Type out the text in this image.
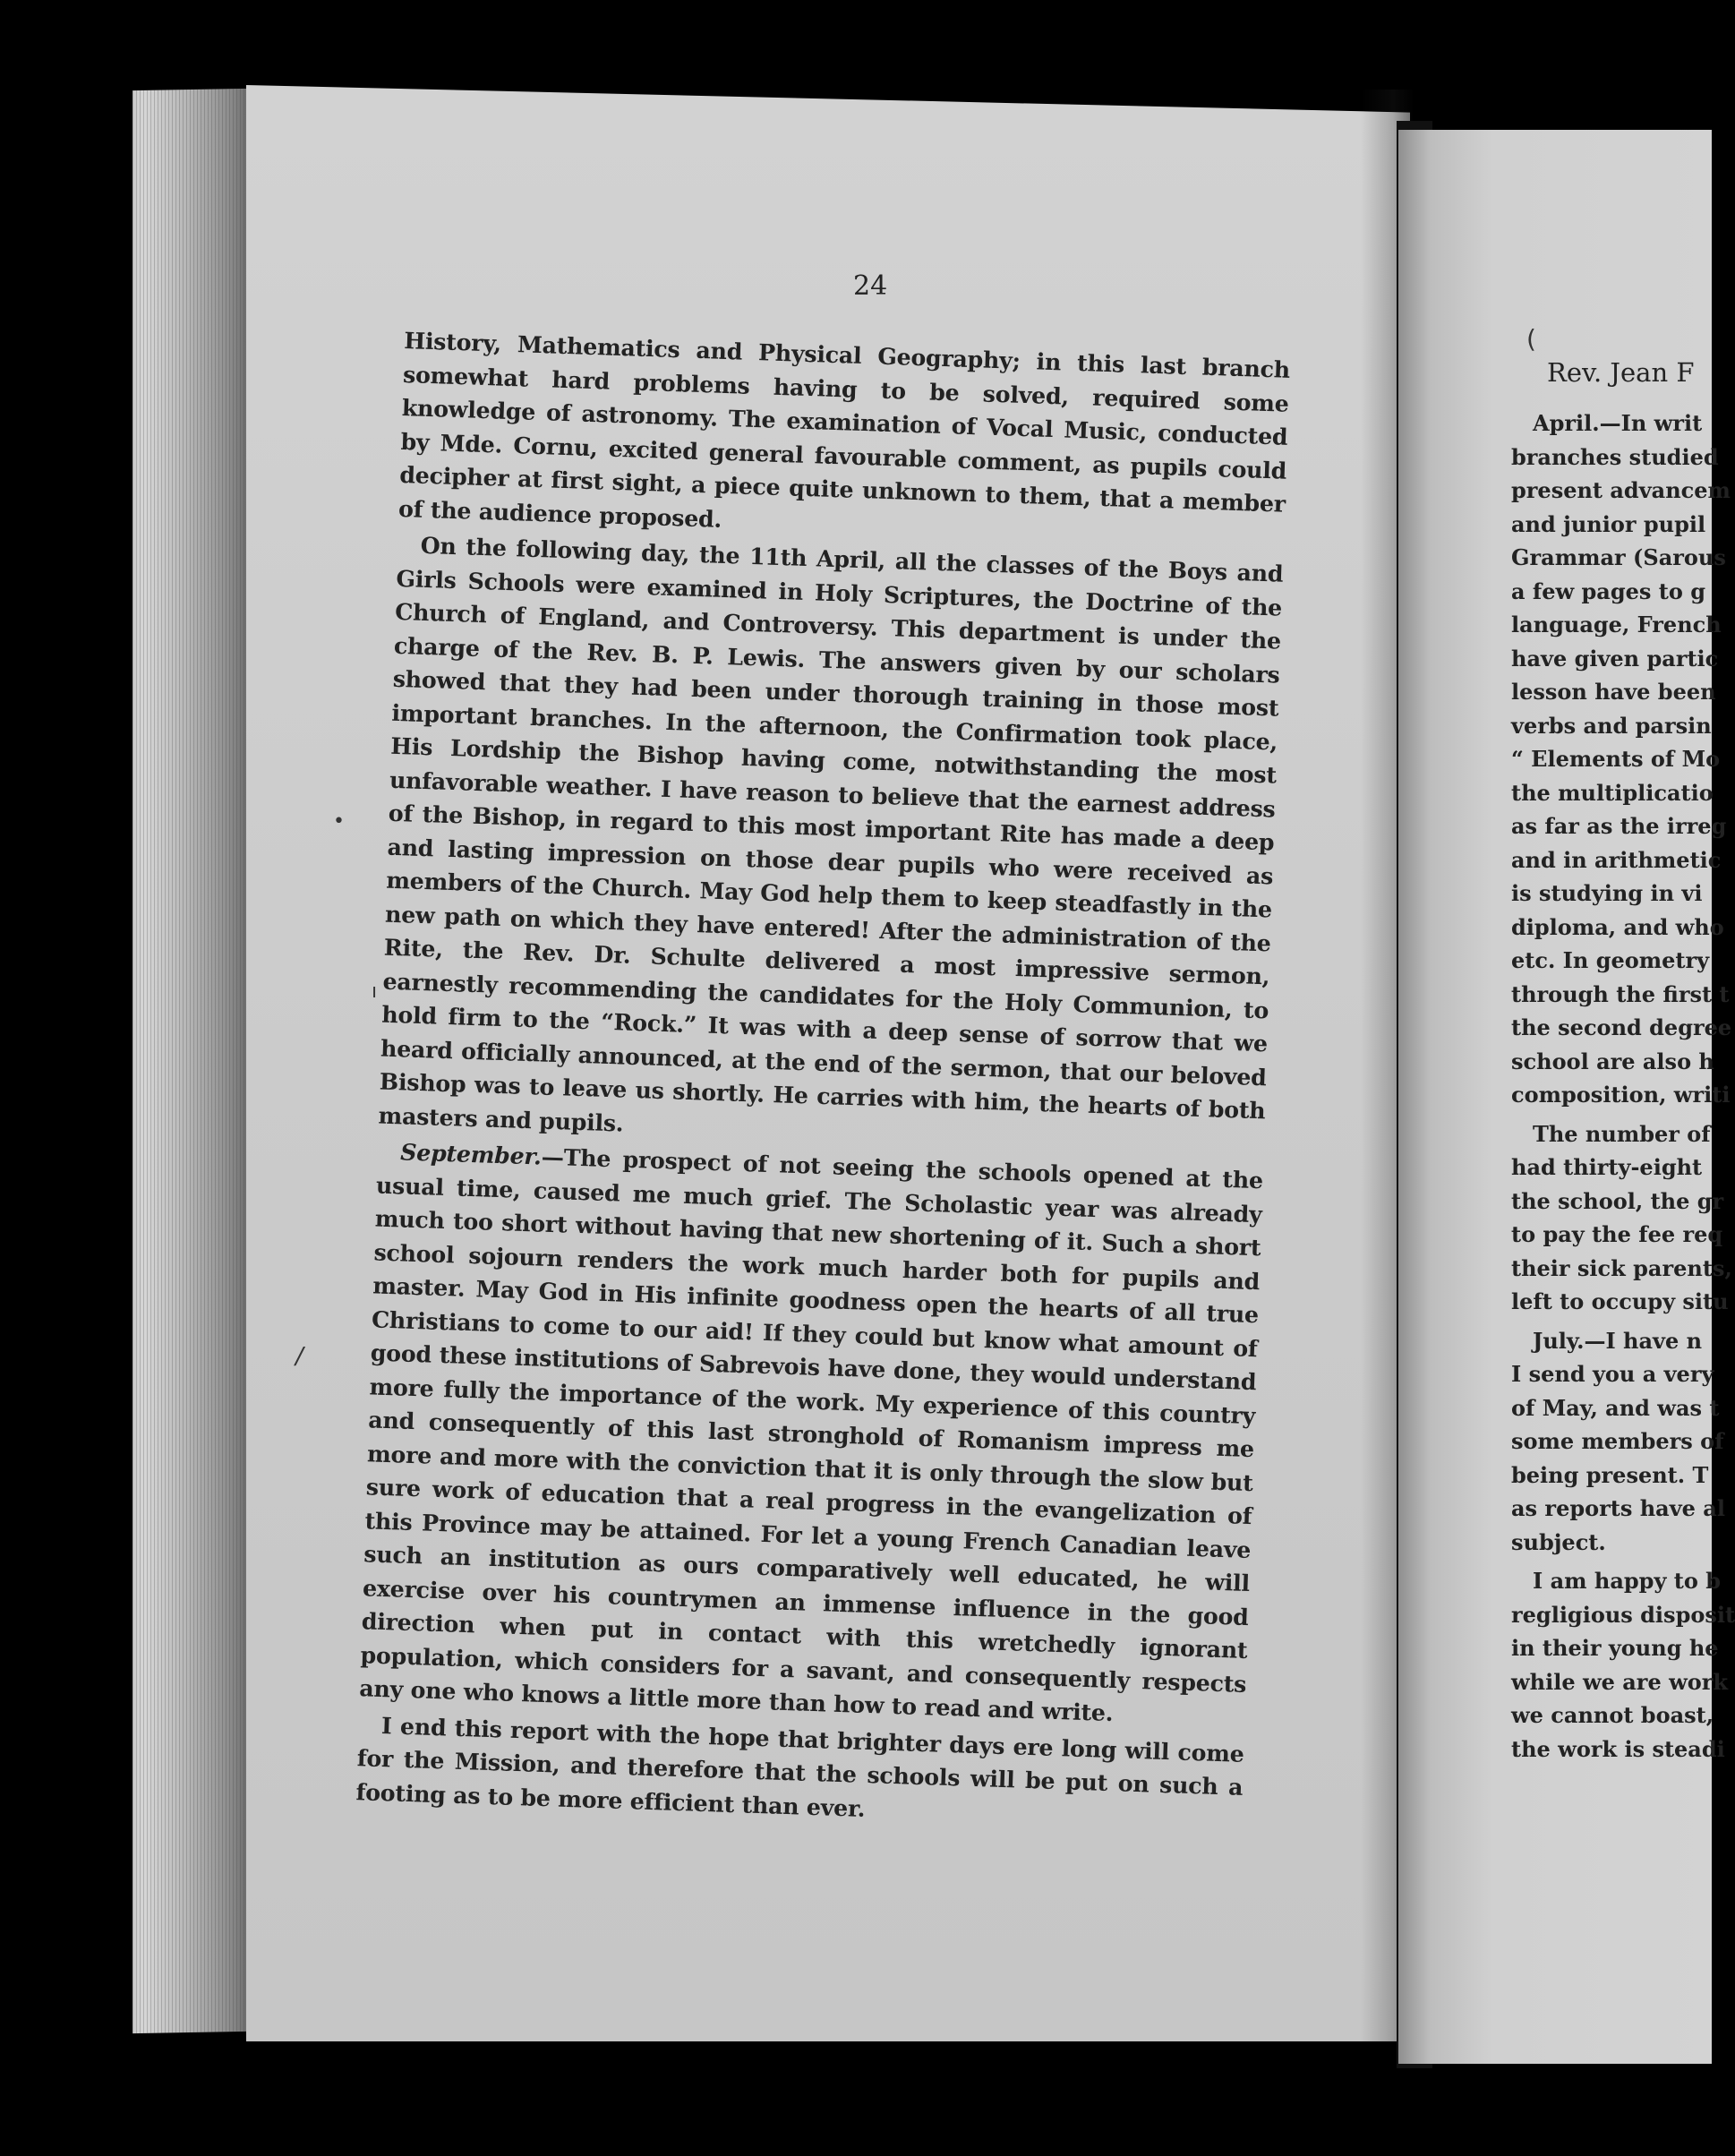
24

History, Mathematics and Physical Geography; in this last branch somewhat hard problems having to be solved, required some knowledge of astronomy. The examination of Vocal Music, conducted by Mde. Cornu, excited general favourable comment, as pupils could decipher at first sight, a piece quite unknown to them, that a member of the audience proposed.

On the following day, the 11th April, all the classes of the Boys and Girls Schools were examined in Holy Scriptures, the Doctrine of the Church of England, and Controversy. This department is under the charge of the Rev. B. P. Lewis. The answers given by our scholars showed that they had been under thorough training in those most important branches. In the afternoon, the Confirmation took place, His Lordship the Bishop having come, notwithstanding the most unfavorable weather. I have reason to believe that the earnest address of the Bishop, in regard to this most important Rite has made a deep and lasting impression on those dear pupils who were received as members of the Church. May God help them to keep steadfastly in the new path on which they have entered! After the administration of the Rite, the Rev. Dr. Schulte delivered a most impressive sermon, earnestly recommending the candidates for the Holy Communion, to hold firm to the “Rock.” It was with a deep sense of sorrow that we heard officially announced, at the end of the sermon, that our beloved Bishop was to leave us shortly. He carries with him, the hearts of both masters and pupils.

September.—The prospect of not seeing the schools opened at the usual time, caused me much grief. The Scholastic year was already much too short without having that new shortening of it. Such a short school sojourn renders the work much harder both for pupils and master. May God in His infinite goodness open the hearts of all true Christians to come to our aid! If they could but know what amount of good these institutions of Sabrevois have done, they would understand more fully the importance of the work. My experience of this country and consequently of this last stronghold of Romanism impress me more and more with the conviction that it is only through the slow but sure work of education that a real progress in the evangelization of this Province may be attained. For let a young French Canadian leave such an institution as ours comparatively well educated, he will exercise over his countrymen an immense influence in the good direction when put in contact with this wretchedly ignorant population, which considers for a savant, and consequently respects any one who knows a little more than how to read and write.

I end this report with the hope that brighter days ere long will come for the Mission, and therefore that the schools will be put on such a footing as to be more efficient than ever.

Rev. Jean F
April.—In writ
branches studied
present advancem
and junior pupil
Grammar (Sarous
a few pages to g
language, French
have given partic
lesson have been
verbs and parsin
“ Elements of Mo
the multiplicatio
as far as the irreg
and in arithmetic
is studying in vi
diploma, and who
etc. In geometry
through the first t
the second degree
school are also h
composition, writi
The number of
had thirty-eight
the school, the gr
to pay the fee req
their sick parents,
left to occupy situ
July.—I have n
I send you a very
of May, and was t
some members of
being present. T
as reports have al
subject.
I am happy to b
regligious disposit
in their young he
while we are work
we cannot boast,
the work is steadi
•
ı
/
(
